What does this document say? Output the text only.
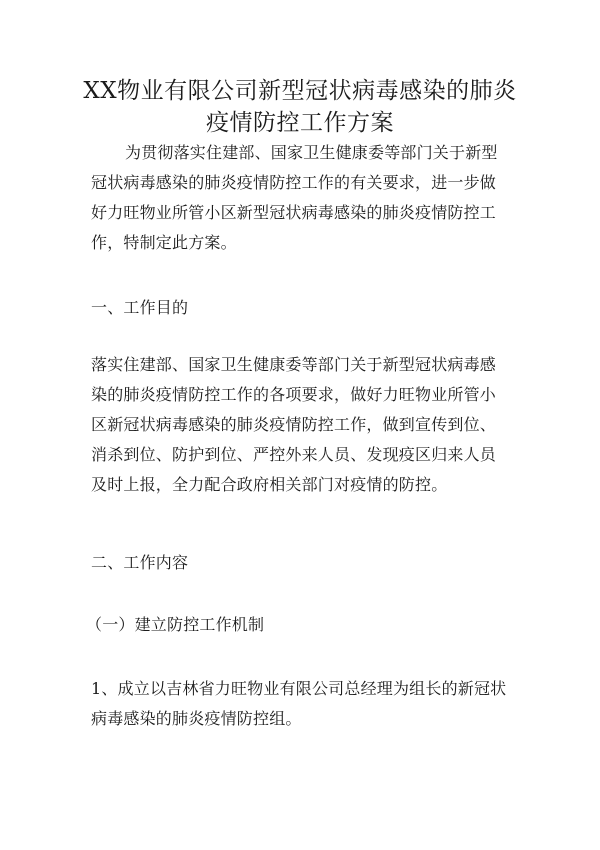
XX物业有限公司新型冠状病毒感染的肺炎
疫情防控工作方案

为贯彻落实住建部、国家卫生健康委等部门关于新型冠状病毒感染的肺炎疫情防控工作的有关要求，进一步做好力旺物业所管小区新型冠状病毒感染的肺炎疫情防控工作，特制定此方案。

一、工作目的

落实住建部、国家卫生健康委等部门关于新型冠状病毒感染的肺炎疫情防控工作的各项要求，做好力旺物业所管小区新冠状病毒感染的肺炎疫情防控工作，做到宣传到位、消杀到位、防护到位、严控外来人员、发现疫区归来人员及时上报，全力配合政府相关部门对疫情的防控。

二、工作内容
（一）建立防控工作机制

1、成立以吉林省力旺物业有限公司总经理为组长的新冠状病毒感染的肺炎疫情防控组。
